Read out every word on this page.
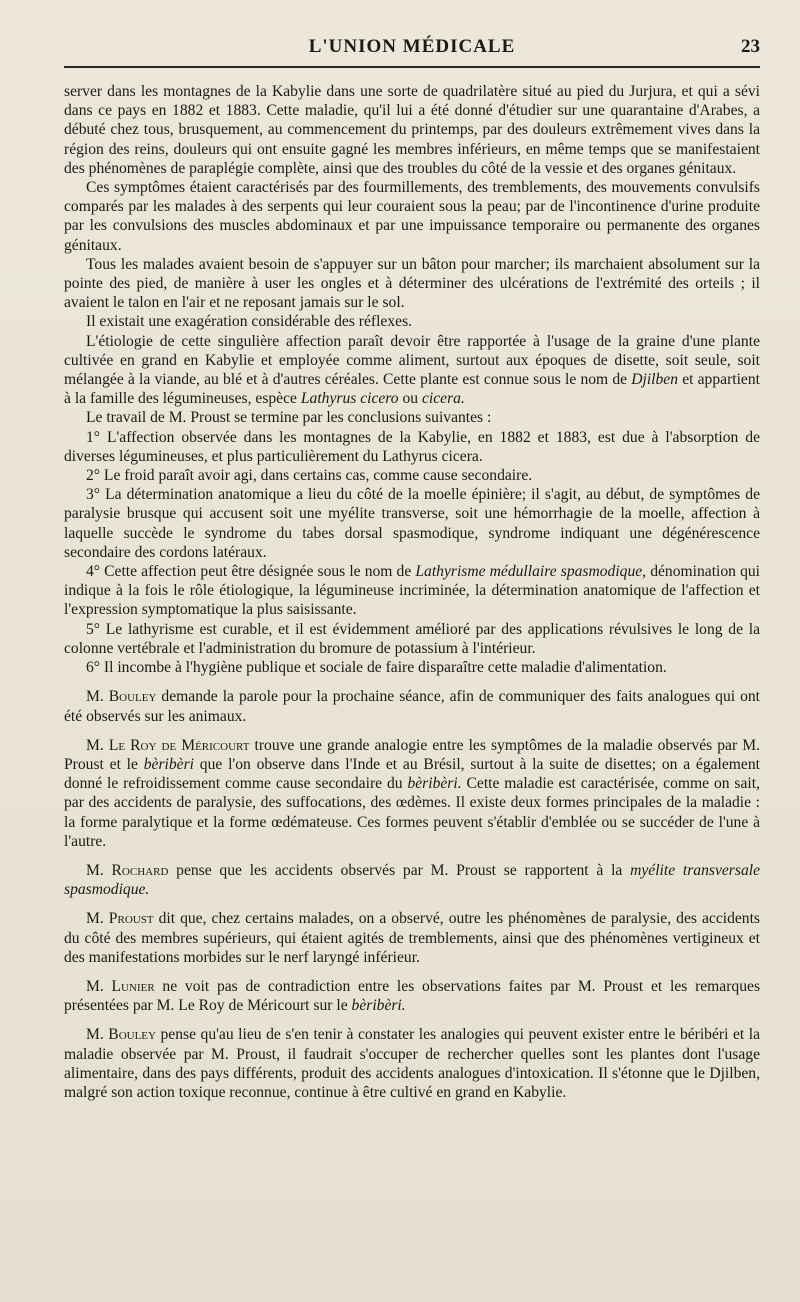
L'UNION MÉDICALE	23

server dans les montagnes de la Kabylie dans une sorte de quadrilatère situé au pied du Jurjura, et qui a sévi dans ce pays en 1882 et 1883. Cette maladie, qu'il lui a été donné d'étudier sur une quarantaine d'Arabes, a débuté chez tous, brusquement, au commencement du printemps, par des douleurs extrêmement vives dans la région des reins, douleurs qui ont ensuite gagné les membres inférieurs, en même temps que se manifestaient des phénomènes de paraplégie complète, ainsi que des troubles du côté de la vessie et des organes génitaux.

Ces symptômes étaient caractérisés par des fourmillements, des tremblements, des mouvements convulsifs comparés par les malades à des serpents qui leur couraient sous la peau; par de l'incontinence d'urine produite par les convulsions des muscles abdominaux et par une impuissance temporaire ou permanente des organes génitaux.

Tous les malades avaient besoin de s'appuyer sur un bâton pour marcher; ils marchaient absolument sur la pointe des pied, de manière à user les ongles et à déterminer des ulcérations de l'extrémité des orteils ; il avaient le talon en l'air et ne reposant jamais sur le sol.

Il existait une exagération considérable des réflexes.

L'étiologie de cette singulière affection paraît devoir être rapportée à l'usage de la graine d'une plante cultivée en grand en Kabylie et employée comme aliment, surtout aux époques de disette, soit seule, soit mélangée à la viande, au blé et à d'autres céréales. Cette plante est connue sous le nom de Djilben et appartient à la famille des légumineuses, espèce Lathyrus cicero ou cicera.

Le travail de M. Proust se termine par les conclusions suivantes :

1° L'affection observée dans les montagnes de la Kabylie, en 1882 et 1883, est due à l'absorption de diverses légumineuses, et plus particulièrement du Lathyrus cicera.

2° Le froid paraît avoir agi, dans certains cas, comme cause secondaire.

3° La détermination anatomique a lieu du côté de la moelle épinière; il s'agit, au début, de symptômes de paralysie brusque qui accusent soit une myélite transverse, soit une hémorrhagie de la moelle, affection à laquelle succède le syndrome du tabes dorsal spasmodique, syndrome indiquant une dégénérescence secondaire des cordons latéraux.

4° Cette affection peut être désignée sous le nom de Lathyrisme médullaire spasmodique, dénomination qui indique à la fois le rôle étiologique, la légumineuse incriminée, la détermination anatomique de l'affection et l'expression symptomatique la plus saisissante.

5° Le lathyrisme est curable, et il est évidemment amélioré par des applications révulsives le long de la colonne vertébrale et l'administration du bromure de potassium à l'intérieur.

6° Il incombe à l'hygiène publique et sociale de faire disparaître cette maladie d'alimentation.

M. Bouley demande la parole pour la prochaine séance, afin de communiquer des faits analogues qui ont été observés sur les animaux.

M. Le Roy de Méricourt trouve une grande analogie entre les symptômes de la maladie observés par M. Proust et le bèribèri que l'on observe dans l'Inde et au Brésil, surtout à la suite de disettes; on a également donné le refroidissement comme cause secondaire du bèribèri. Cette maladie est caractérisée, comme on sait, par des accidents de paralysie, des suffocations, des œdèmes. Il existe deux formes principales de la maladie : la forme paralytique et la forme œdémateuse. Ces formes peuvent s'établir d'emblée ou se succéder de l'une à l'autre.

M. Rochard pense que les accidents observés par M. Proust se rapportent à la myélite transversale spasmodique.

M. Proust dit que, chez certains malades, on a observé, outre les phénomènes de paralysie, des accidents du côté des membres supérieurs, qui étaient agités de tremblements, ainsi que des phénomènes vertigineux et des manifestations morbides sur le nerf laryngé inférieur.

M. Lunier ne voit pas de contradiction entre les observations faites par M. Proust et les remarques présentées par M. Le Roy de Méricourt sur le bèribèri.

M. Bouley pense qu'au lieu de s'en tenir à constater les analogies qui peuvent exister entre le béribéri et la maladie observée par M. Proust, il faudrait s'occuper de rechercher quelles sont les plantes dont l'usage alimentaire, dans des pays différents, produit des accidents analogues d'intoxication. Il s'étonne que le Djilben, malgré son action toxique reconnue, continue à être cultivé en grand en Kabylie.
